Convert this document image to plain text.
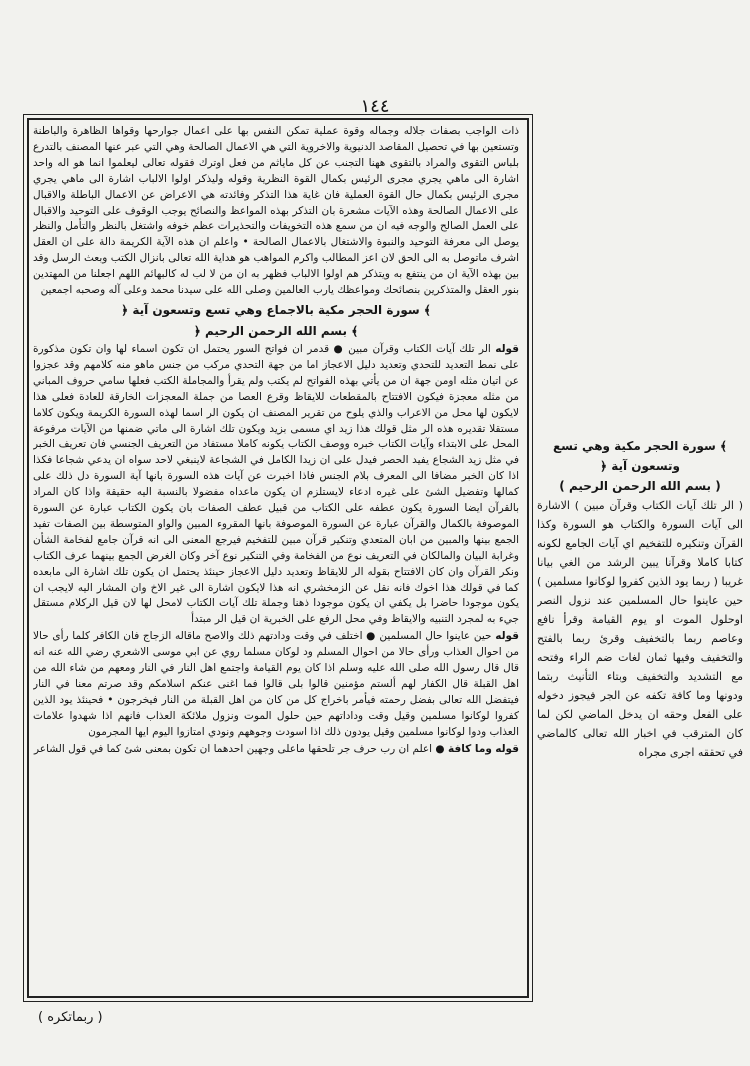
١٤٤

ذات الواجب بصفات جلاله وجماله وقوة عملية تمكن النفس بها على اعمال جوارحها وقواها الظاهرة والباطنة وتستعين بها في تحصيل المقاصد الدنيوية والاخروية التي هي الاعمال الصالحة وهي التي عبر عنها المصنف بالتدرع بلباس التقوى والمراد بالتقوى ههنا التجنب عن كل ماياثم من فعل اوترك فقوله تعالى ليعلموا انما هو اله واحد اشارة الى ماهي يجري مجرى الرئيس بكمال القوة النظرية وقوله وليذكر اولوا الالباب اشارة الى ماهي يجري مجرى الرئيس بكمال حال القوة العملية فان غاية هذا التذكر وفائدته هي الاعراض عن الاعمال الباطلة والاقبال على الاعمال الصالحة وهذه الآيات مشعرة بان التذكر بهذه المواعظ والنصائح يوجب الوقوف على التوحيد والاقبال على العمل الصالح والوجه فيه ان من سمع هذه التخويفات والتحذيرات عظم خوفه واشتغل بالنظر والتأمل والنظر يوصل الى معرفة التوحيد والنبوة والاشتغال بالاعمال الصالحة • واعلم ان هذه الآية الكريمة دالة على ان العقل اشرف ماتوصل به الى الحق لان اعز المطالب واكرم المواهب هو هداية الله تعالى بانزال الكتب وبعث الرسل وقد بين بهذه الآية ان من ينتفع به ويتذكر هم اولوا الالباب فظهر به ان من لا لب له كالبهائم اللهم اجعلنا من المهتدين بنور العقل والمتذكرين بنصائحك ومواعظك يارب العالمين وصلى الله على سيدنا محمد وعلى آله وصحبه اجمعين

﴾ سورة الحجر مكية بالاجماع وهي تسع وتسعون آية ﴿
﴾ بسم الله الرحمن الرحيم ﴿

قوله الر تلك آيات الكتاب وقرآن مبين ● قدمر ان فواتح السور يحتمل ان تكون اسماء لها وان تكون مذكورة على نمط التعديد للتحدي وتعديد دليل الاعجاز اما من جهة التحدي مركب من جنس ماهو منه كلامهم وقد عجزوا عن اتيان مثله اومن جهة ان من يأتي بهذه الفواتح لم يكتب ولم يقرأ والمجاملة الكتب فعلها سامي حروف المباني من مثله معجزة فيكون الافتتاح بالمقطعات للايقاظ وقرع العصا من جملة المعجزات الخارقة للعادة فعلى هذا لايكون لها محل من الاعراب والذي يلوح من تقرير المصنف ان يكون الر اسما لهذه السورة الكريمة ويكون كلاما مستقلا تقديره هذه الر مثل قولك هذا زيد اي مسمى بزيد ويكون تلك اشارة الى ماتي ضمنها من الآيات مرفوعة المحل على الابتداء وآيات الكتاب خبره ووصف الكتاب يكونه كاملا مستفاد من التعريف الجنسي فان تعريف الخبر في مثل زيد الشجاع يفيد الحصر فيدل على ان زيدا الكامل في الشجاعة لاينبغي لاحد سواه ان يدعي شجاعا فكذا اذا كان الخبر مضافا الى المعرف بلام الجنس فاذا اخبرت عن آيات هذه السورة بانها آية السورة دل ذلك على كمالها وتفضيل الشئ على غيره ادعاء لايستلزم ان يكون ماعداه مفضولا بالنسبة اليه حقيقة واذا كان المراد بالقرآن ايضا السورة يكون عطفه على الكتاب من قبيل عطف الصفات بان يكون الكتاب عبارة عن السورة الموصوفة بالكمال والقرآن عبارة عن السورة الموصوفة بانها المقروء المبين والواو المتوسطة بين الصفات تفيد الجمع بينها والمبين من ابان المتعدي وتنكير قرآن مبين للتفخيم فيرجع المعنى الى انه قرآن جامع لفخامة الشأن وغرابة البيان والمالكان في التعريف نوع من الفخامة وفي التنكير نوع آخر وكان الغرض الجمع بينهما عرف الكتاب ونكر القرآن وان كان الافتتاح بقوله الر للايقاظ وتعديد دليل الاعجاز حينئذ يحتمل ان يكون تلك اشارة الى مابعده كما في قولك هذا اخوك فانه نقل عن الزمخشري انه هذا لايكون اشارة الى غير الاخ وان المشار اليه لايجب ان يكون موجودا حاضرا بل يكفي ان يكون موجودا ذهنا وجملة تلك آيات الكتاب لامحل لها لان قيل الركلام مستقل جيء به لمجرد التنبيه والايقاظ وفي محل الرفع على الخبرية ان قيل الر مبتدأ

قوله حين عاينوا حال المسلمين ● اختلف في وقت ودادتهم ذلك والاصح ماقاله الزجاج فان الكافر كلما رأى حالا من احوال العذاب ورأى حالا من احوال المسلم ود لوكان مسلما روي عن ابي موسى الاشعري رضي الله عنه انه قال قال رسول الله صلى الله عليه وسلم اذا كان يوم القيامة واجتمع اهل النار في النار ومعهم من شاء الله من اهل القبلة قال الكفار لهم ألستم مؤمنين قالوا بلى قالوا فما اغنى عنكم اسلامكم وقد صرتم معنا في النار فيتفضل الله تعالى بفضل رحمته فيأمر باخراج كل من كان من اهل القبلة من النار فيخرجون • فحينئذ يود الذين كفروا لوكانوا مسلمين وقيل وقت وداداتهم حين حلول الموت ونزول ملائكة العذاب فانهم اذا شهدوا علامات العذاب ودوا لوكانوا مسلمين وقيل يودون ذلك اذا اسودت وجوههم ونودي امتازوا اليوم ايها المجرمون

قوله وما كافة ● اعلم ان رب حرف جر تلحقها ماعلى وجهين احدهما ان تكون بمعنى شئ كما في قول الشاعر

﴾ سورة الحجر مكية وهي تسع وتسعون آية ﴿
( بسم الله الرحمن الرحيم )

( الر تلك آيات الكتاب وقرآن مبين ) الاشارة الى آيات السورة والكتاب هو السورة وكذا القرآن وتنكيره للتفخيم اي آيات الجامع لكونه كتابا كاملا وقرآنا يبين الرشد من الغي بيانا غريبا ( ربما يود الذين كفروا لوكانوا مسلمين ) حين عاينوا حال المسلمين عند نزول النصر اوحلول الموت او يوم القيامة وقرأ نافع وعاصم ربما بالتخفيف وقرئ ربما بالفتح والتخفيف وفيها ثمان لغات ضم الراء وفتحه مع التشديد والتخفيف وبتاء التأنيث ربتما ودونها وما كافة تكفه عن الجر فيجوز دخوله على الفعل وحقه ان يدخل الماضي لكن لما كان المترقب في اخبار الله تعالى كالماضي في تحققه اجرى مجراه

( ربماتكره )
